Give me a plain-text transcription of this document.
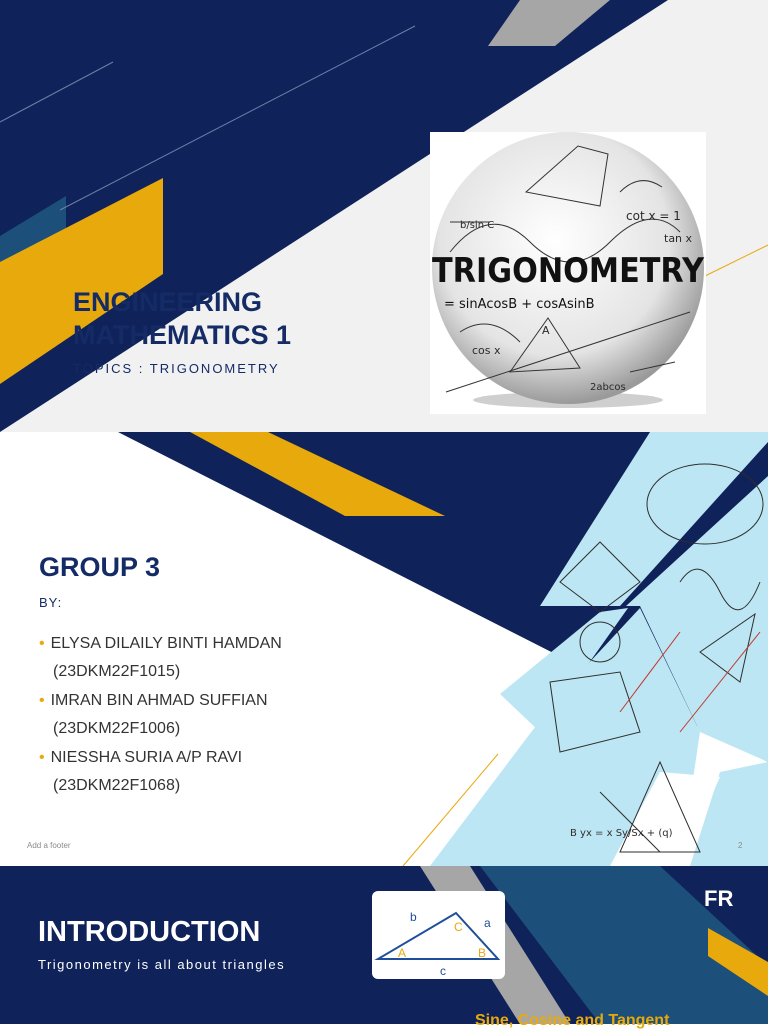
cot x = 1
tan x
b/sin C
TRIGONOMETRY
= sinAcosB + cosAsinB
cos x
A
2abcos

ENGINEERING
MATHEMATICS 1

TOPICS : TRIGONOMETRY

B yx = x Sy/Sx + (q)

GROUP 3

BY:

• ELYSA DILAILY BINTI HAMDAN
(23DKM22F1015)
• IMRAN BIN AHMAD SUFFIAN
(23DKM22F1006)
• NIESSHA SURIA A/P RAVI
(23DKM22F1068)

Add a footer	2

b	a
c
C
A	B

INTRODUCTION

Trigonometry is all about triangles

FR

Sine, Cosine and Tangent
